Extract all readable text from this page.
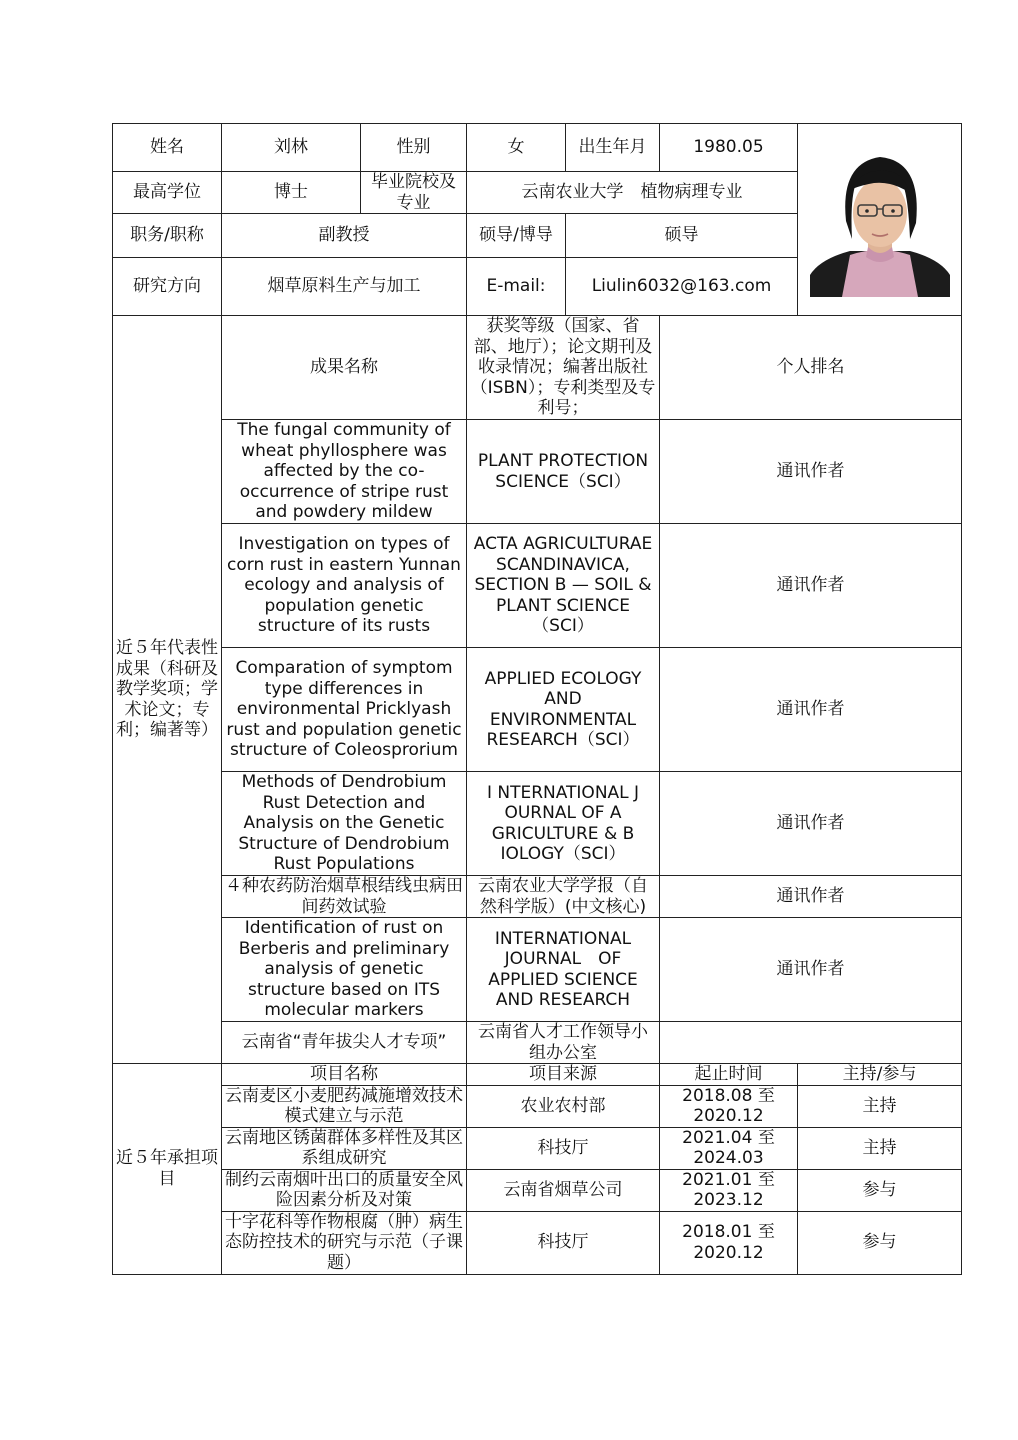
姓名	刘林	性别	女	出生年月	1980.05	

最高学位	博士	毕业院校及专业	云南农业大学　植物病理专业			
职务/职称	副教授		硕导/博导	硕导		
研究方向	烟草原料生产与加工		E-mail:	Liulin6032@163.com		
近５年代表性成果（科研及教学奖项；学术论文；专利；编著等）	成果名称		获奖等级（国家、省部、地厅）；论文期刊及收录情况；编著出版社（ISBN）；专利类型及专利号；		个人排名	
	The fungal community of wheat phyllosphere was affected by the co-occurrence of stripe rust and powdery mildew		PLANT PROTECTION SCIENCE（SCI）		通讯作者	
	Investigation on types of corn rust in eastern Yunnan ecology and analysis of population genetic structure of its rusts		ACTA AGRICULTURAE SCANDINAVICA, SECTION B — SOIL & PLANT SCIENCE（SCI）		通讯作者	
	Comparation of symptom type differences in environmental Pricklyash rust and population genetic structure of Coleosprorium		APPLIED ECOLOGY AND ENVIRONMENTAL RESEARCH（SCI）		通讯作者	
	Methods of Dendrobium Rust Detection and Analysis on the Genetic Structure of Dendrobium Rust Populations		I NTERNATIONAL J OURNAL OF A GRICULTURE & B IOLOGY（SCI）		通讯作者	
	４种农药防治烟草根结线虫病田间药效试验		云南农业大学学报（自然科学版）(中文核心)		通讯作者	
	Identification of rust on Berberis and preliminary analysis of genetic structure based on ITS molecular markers		INTERNATIONAL JOURNAL　OF APPLIED SCIENCE AND RESEARCH		通讯作者	
	云南省“青年拔尖人才专项”		云南省人才工作领导小组办公室			
近５年承担项目	项目名称		项目来源		起止时间	主持/参与
	云南麦区小麦肥药减施增效技术模式建立与示范		农业农村部		2018.08 至 2020.12	主持
	云南地区锈菌群体多样性及其区系组成研究		科技厅		2021.04 至 2024.03	主持
	制约云南烟叶出口的质量安全风险因素分析及对策		云南省烟草公司		2021.01 至 2023.12	参与
	十字花科等作物根腐（肿）病生态防控技术的研究与示范（子课题）		科技厅		2018.01 至 2020.12	参与
